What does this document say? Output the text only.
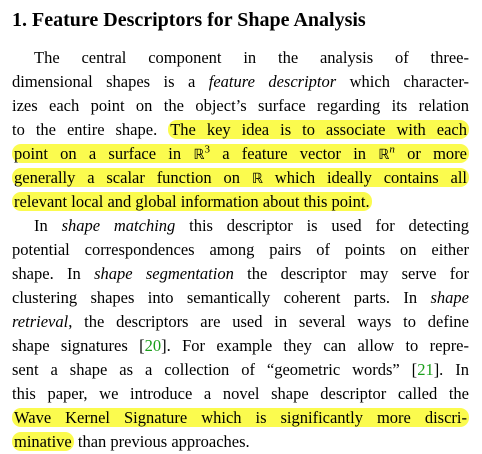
1. Feature Descriptors for Shape Analysis
The central component in the analysis of three-
dimensional shapes is a feature descriptor which character-
izes each point on the object’s surface regarding its relation
to the entire shape. The key idea is to associate with each
point on a surface in ℝ$^3$ a feature vector in ℝ$^n$ or more
generally a scalar function on ℝ which ideally contains all
relevant local and global information about this point.
In shape matching this descriptor is used for detecting
potential correspondences among pairs of points on either
shape. In shape segmentation the descriptor may serve for
clustering shapes into semantically coherent parts. In shape
retrieval, the descriptors are used in several ways to define
shape signatures [20]. For example they can allow to repre-
sent a shape as a collection of “geometric words” [21]. In
this paper, we introduce a novel shape descriptor called the
Wave Kernel Signature which is significantly more discri-
minative than previous approaches.
